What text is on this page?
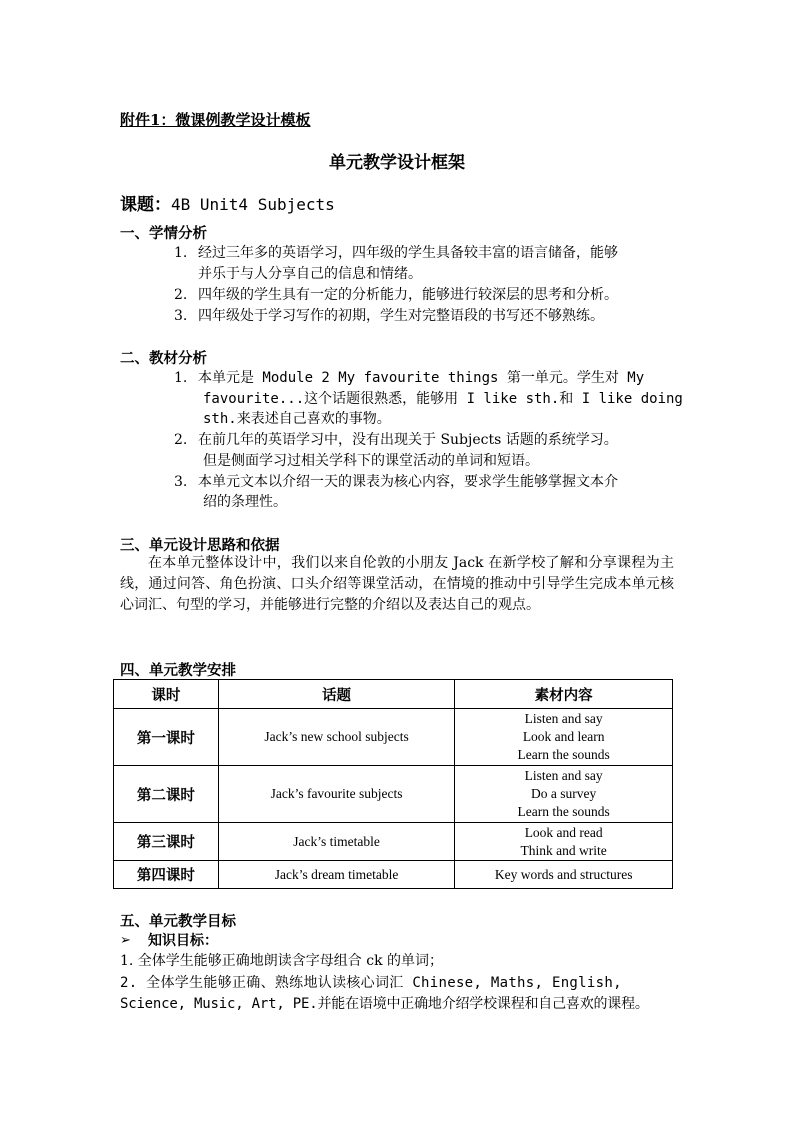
附件1：微课例教学设计模板
单元教学设计框架
课题：4B Unit4 Subjects
一、学情分析
1. 经过三年多的英语学习，四年级的学生具备较丰富的语言储备，能够
并乐于与人分享自己的信息和情绪。
2. 四年级的学生具有一定的分析能力，能够进行较深层的思考和分析。
3. 四年级处于学习写作的初期，学生对完整语段的书写还不够熟练。
二、教材分析
1. 本单元是 Module 2 My favourite things 第一单元。学生对 My
favourite...这个话题很熟悉，能够用 I like sth.和 I like doing
sth.来表述自己喜欢的事物。
2. 在前几年的英语学习中，没有出现关于 Subjects 话题的系统学习。
但是侧面学习过相关学科下的课堂活动的单词和短语。
3. 本单元文本以介绍一天的课表为核心内容，要求学生能够掌握文本介
绍的条理性。
三、单元设计思路和依据
在本单元整体设计中，我们以来自伦敦的小朋友 Jack 在新学校了解和分享课程为主线，通过问答、角色扮演、口头介绍等课堂活动，在情境的推动中引导学生完成本单元核心词汇、句型的学习，并能够进行完整的介绍以及表达自己的观点。
四、单元教学安排
课时	话题	素材内容
第一课时	Jack’s new school subjects	Listen and say
Look and learn
Learn the sounds

第二课时	Jack’s favourite subjects	Listen and say
Do a survey
Learn the sounds

第三课时	Jack’s timetable	Look and read
Think and write

第四课时	Jack’s dream timetable	Key words and structures
五、单元教学目标
➢ 知识目标：
1. 全体学生能够正确地朗读含字母组合 ck 的单词；
2. 全体学生能够正确、熟练地认读核心词汇 Chinese, Maths, English,
Science, Music, Art, PE.并能在语境中正确地介绍学校课程和自己喜欢的课程。
